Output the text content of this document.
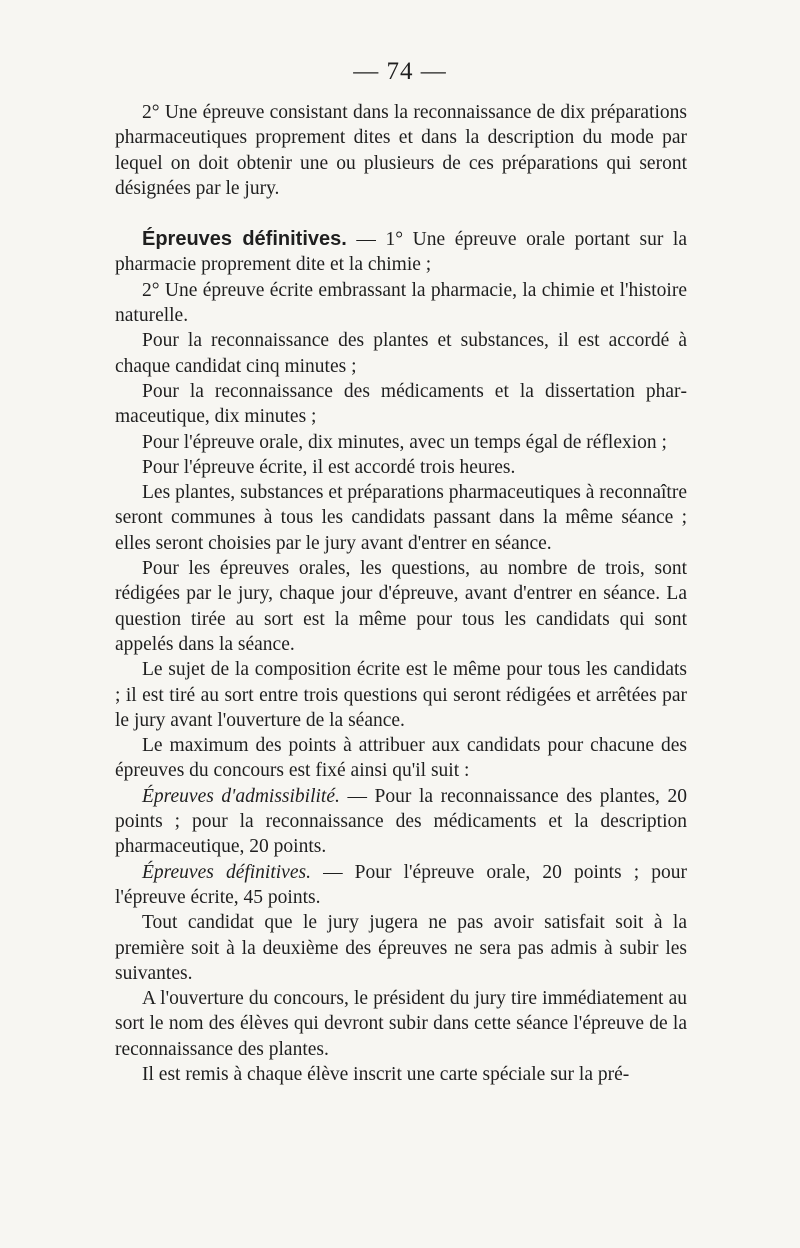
— 74 —

2° Une épreuve consistant dans la reconnaissance de dix préparations pharmaceutiques proprement dites et dans la description du mode par lequel on doit obtenir une ou plusieurs de ces préparations qui seront désignées par le jury.

Épreuves définitives. — 1° Une épreuve orale portant sur la pharmacie proprement dite et la chimie ;

2° Une épreuve écrite embrassant la pharmacie, la chimie et l'histoire naturelle.

Pour la reconnaissance des plantes et substances, il est accordé à chaque candidat cinq minutes ;

Pour la reconnaissance des médicaments et la dissertation pharmaceutique, dix minutes ;

Pour l'épreuve orale, dix minutes, avec un temps égal de réflexion ;

Pour l'épreuve écrite, il est accordé trois heures.

Les plantes, substances et préparations pharmaceutiques à reconnaître seront communes à tous les candidats passant dans la même séance ; elles seront choisies par le jury avant d'entrer en séance.

Pour les épreuves orales, les questions, au nombre de trois, sont rédigées par le jury, chaque jour d'épreuve, avant d'entrer en séance. La question tirée au sort est la même pour tous les candidats qui sont appelés dans la séance.

Le sujet de la composition écrite est le même pour tous les candidats ; il est tiré au sort entre trois questions qui seront rédigées et arrêtées par le jury avant l'ouverture de la séance.

Le maximum des points à attribuer aux candidats pour chacune des épreuves du concours est fixé ainsi qu'il suit :

Épreuves d'admissibilité. — Pour la reconnaissance des plantes, 20 points ; pour la reconnaissance des médicaments et la description pharmaceutique, 20 points.

Épreuves définitives. — Pour l'épreuve orale, 20 points ; pour l'épreuve écrite, 45 points.

Tout candidat que le jury jugera ne pas avoir satisfait soit à la première soit à la deuxième des épreuves ne sera pas admis à subir les suivantes.

A l'ouverture du concours, le président du jury tire immédiatement au sort le nom des élèves qui devront subir dans cette séance l'épreuve de la reconnaissance des plantes.

Il est remis à chaque élève inscrit une carte spéciale sur la pré-
